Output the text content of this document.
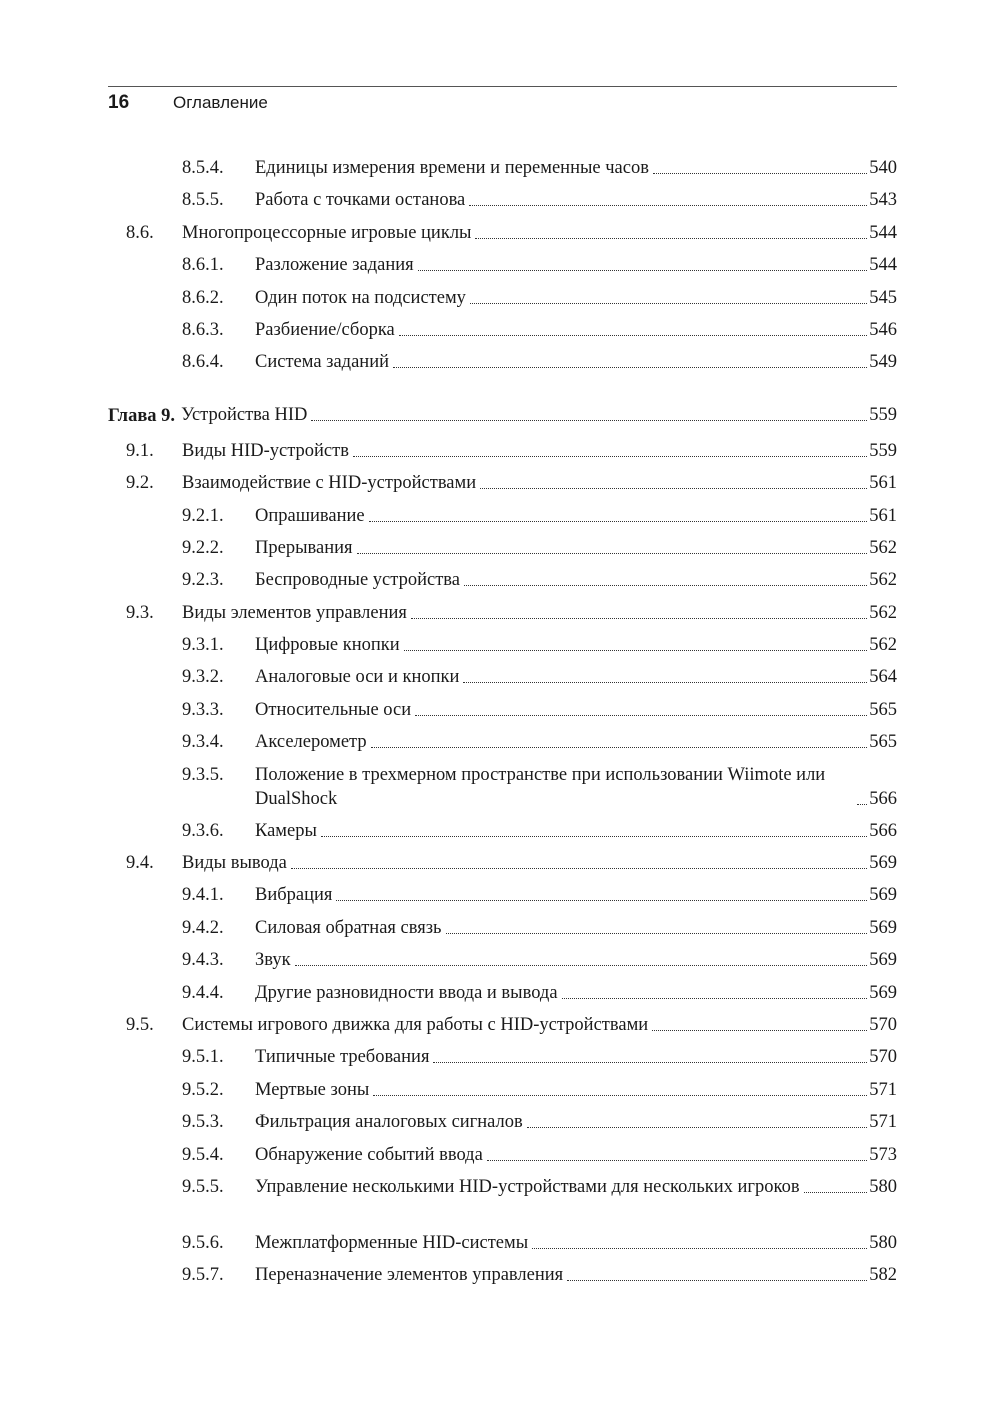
16	Оглавление
8.5.4. Единицы измерения времени и переменные часов	540
8.5.5. Работа с точками останова	543
8.6. Многопроцессорные игровые циклы	544
8.6.1. Разложение задания	544
8.6.2. Один поток на подсистему	545
8.6.3. Разбиение/сборка	546
8.6.4. Система заданий	549
Глава 9. Устройства HID	559
9.1. Виды HID-устройств	559
9.2. Взаимодействие с HID-устройствами	561
9.2.1. Опрашивание	561
9.2.2. Прерывания	562
9.2.3. Беспроводные устройства	562
9.3. Виды элементов управления	562
9.3.1. Цифровые кнопки	562
9.3.2. Аналоговые оси и кнопки	564
9.3.3. Относительные оси	565
9.3.4. Акселерометр	565
9.3.5. Положение в трехмерном пространстве при использовании Wiimote или DualShock	566
9.3.6. Камеры	566
9.4. Виды вывода	569
9.4.1. Вибрация	569
9.4.2. Силовая обратная связь	569
9.4.3. Звук	569
9.4.4. Другие разновидности ввода и вывода	569
9.5. Системы игрового движка для работы с HID-устройствами	570
9.5.1. Типичные требования	570
9.5.2. Мертвые зоны	571
9.5.3. Фильтрация аналоговых сигналов	571
9.5.4. Обнаружение событий ввода	573
9.5.5. Управление несколькими HID-устройствами для нескольких игроков	580
9.5.6. Межплатформенные HID-системы	580
9.5.7. Переназначение элементов управления	582
